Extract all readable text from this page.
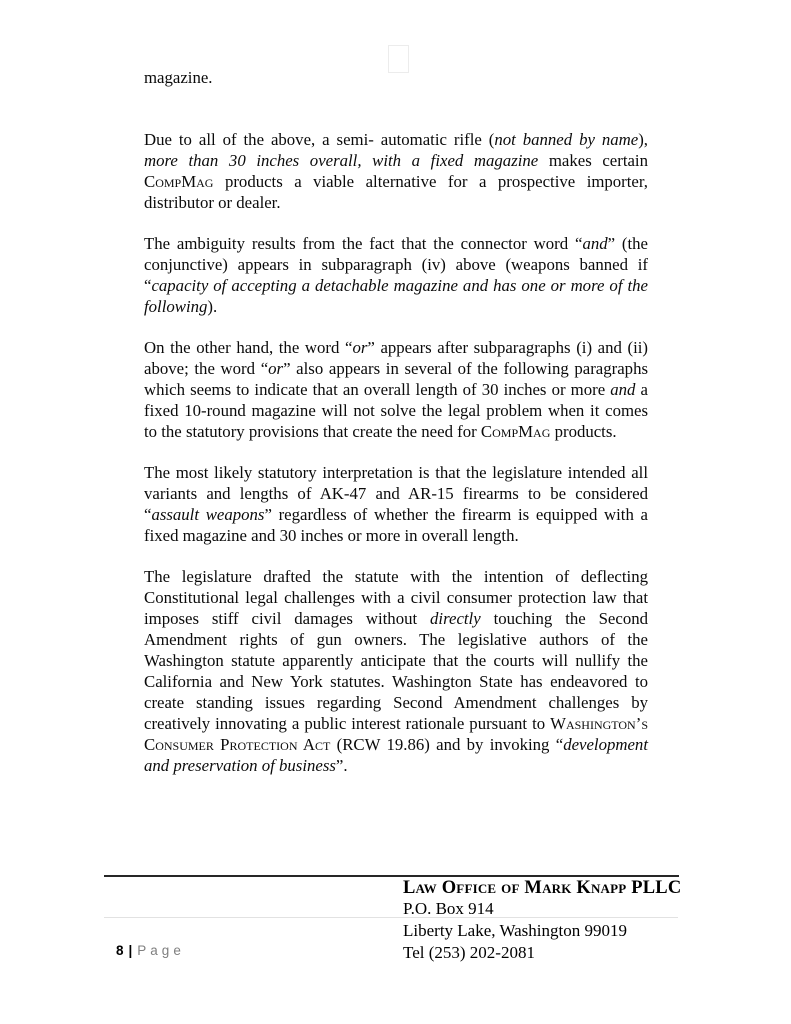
magazine.

Due to all of the above, a semi- automatic rifle (not banned by name), more than 30 inches overall, with a fixed magazine makes certain CompMag products a viable alternative for a prospective importer, distributor or dealer.

The ambiguity results from the fact that the connector word “and” (the conjunctive) appears in subparagraph (iv) above (weapons banned if “capacity of accepting a detachable magazine and has one or more of the following).

On the other hand, the word “or” appears after subparagraphs (i) and (ii) above; the word “or” also appears in several of the following paragraphs which seems to indicate that an overall length of 30 inches or more and a fixed 10-round magazine will not solve the legal problem when it comes to the statutory provisions that create the need for CompMag products.

The most likely statutory interpretation is that the legislature intended all variants and lengths of AK-47 and AR-15 firearms to be considered “assault weapons” regardless of whether the firearm is equipped with a fixed magazine and 30 inches or more in overall length.

The legislature drafted the statute with the intention of deflecting Constitutional legal challenges with a civil consumer protection law that imposes stiff civil damages without directly touching the Second Amendment rights of gun owners. The legislative authors of the Washington statute apparently anticipate that the courts will nullify the California and New York statutes. Washington State has endeavored to create standing issues regarding Second Amendment challenges by creatively innovating a public interest rationale pursuant to Washington’s Consumer Protection Act (RCW 19.86) and by invoking “development and preservation of business”.

Law Office of Mark Knapp PLLC
P.O. Box 914
Liberty Lake, Washington 99019
Tel (253) 202-2081
8 | Page
